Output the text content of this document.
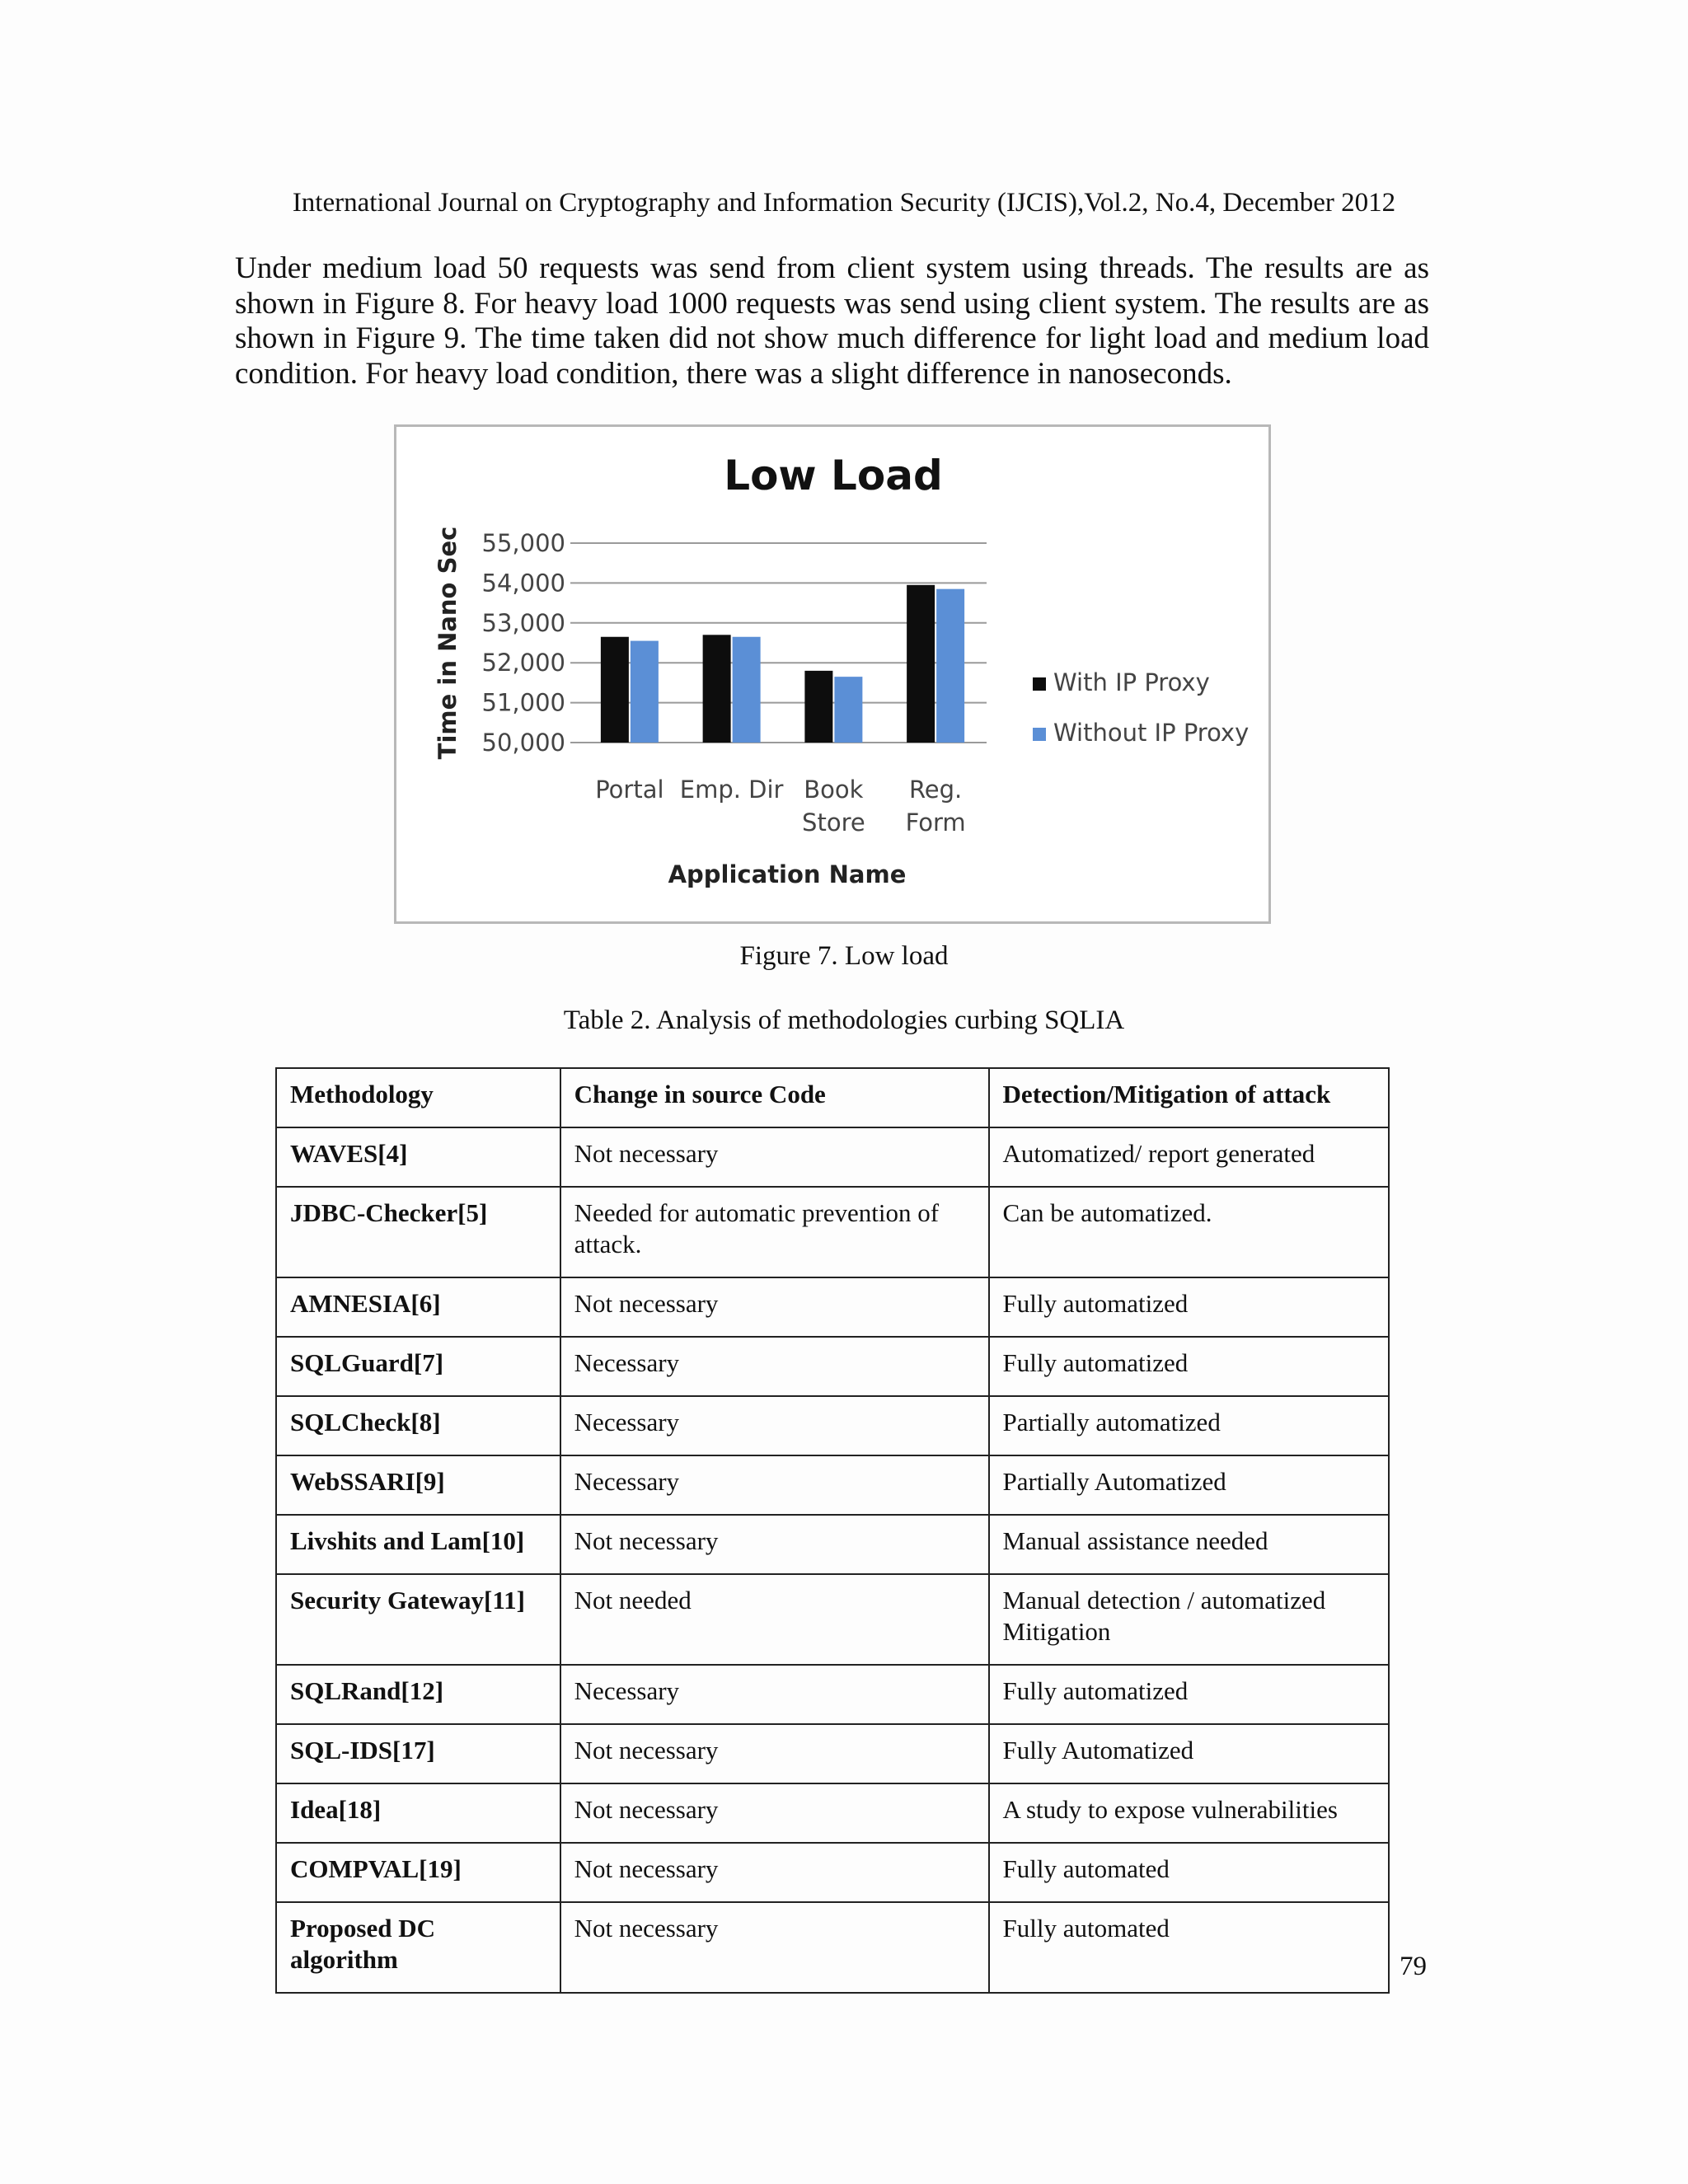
International Journal on Cryptography and Information Security (IJCIS),Vol.2, No.4, December 2012

Under medium load 50 requests was send from client system using threads. The results are as shown in Figure 8. For heavy load 1000 requests was send using client system. The results are as shown in Figure 9. The time taken did not show much difference for light load and medium load condition. For heavy load condition, there was a slight difference in nanoseconds.

Low Load
55,000
54,000
53,000
52,000
51,000
50,000
Time in Nano Sec
Portal Emp. Dir Book
Store
Reg.
Form
Application Name
With IP Proxy
Without IP Proxy
Figure 7. Low load
Table 2. Analysis of methodologies curbing SQLIA
Methodology	Change in source Code	Detection/Mitigation of attack
WAVES[4]	Not necessary	Automatized/ report generated
JDBC-Checker[5]	Needed for automatic prevention of attack.	Can be automatized.
AMNESIA[6]	Not necessary	Fully automatized
SQLGuard[7]	Necessary	Fully automatized
SQLCheck[8]	Necessary	Partially automatized
WebSSARI[9]	Necessary	Partially Automatized
Livshits and Lam[10]	Not necessary	Manual assistance needed
Security Gateway[11]	Not needed	Manual detection / automatized Mitigation
SQLRand[12]	Necessary	Fully automatized
SQL-IDS[17]	Not necessary	Fully Automatized
Idea[18]	Not necessary	A study to expose vulnerabilities
COMPVAL[19]	Not necessary	Fully automated
Proposed DC algorithm	Not necessary	Fully automated
79
